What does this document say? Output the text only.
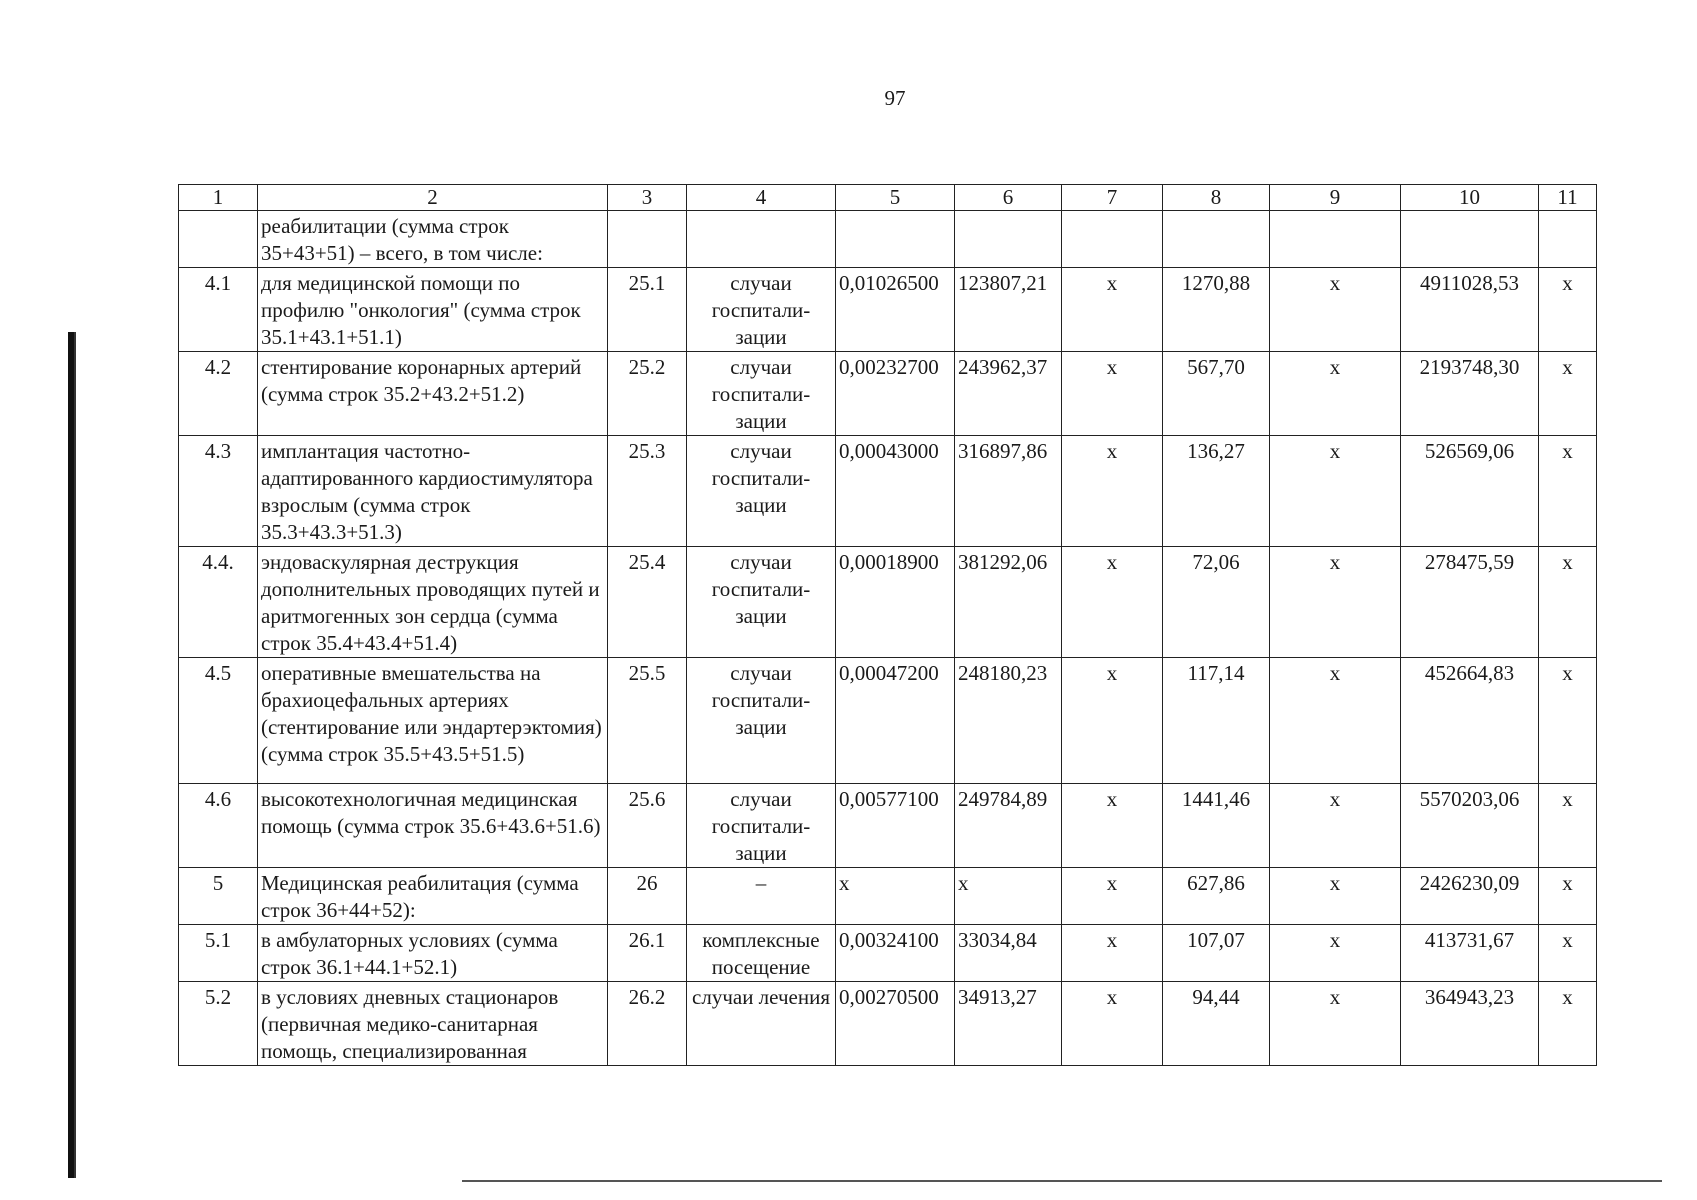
97
1	2	3	4	5	6	7	8	9	10	11
	реабилитации (сумма строк 35+43+51) – всего, в том числе:									
4.1	для медицинской помощи по профилю "онкология" (сумма строк 35.1+43.1+51.1)	25.1	случаи госпитали-зации	0,01026500	123807,21	x	1270,88	x	4911028,53	x
4.2	стентирование коронарных артерий (сумма строк 35.2+43.2+51.2)	25.2	случаи госпитали-зации	0,00232700	243962,37	x	567,70	x	2193748,30	x
4.3	имплантация частотно-адаптированного кардиостимулятора взрослым (сумма строк 35.3+43.3+51.3)	25.3	случаи госпитали-зации	0,00043000	316897,86	x	136,27	x	526569,06	x
4.4.	эндоваскулярная деструкция дополнительных проводящих путей и аритмогенных зон сердца (сумма строк 35.4+43.4+51.4)	25.4	случаи госпитали-зации	0,00018900	381292,06	x	72,06	x	278475,59	x
4.5	оперативные вмешательства на брахиоцефальных артериях (стентирование или эндартерэктомия) (сумма строк 35.5+43.5+51.5)	25.5	случаи госпитали-зации	0,00047200	248180,23	x	117,14	x	452664,83	x
4.6	высокотехнологичная медицинская помощь (сумма строк 35.6+43.6+51.6)	25.6	случаи госпитали-зации	0,00577100	249784,89	x	1441,46	x	5570203,06	x
5	Медицинская реабилитация (сумма строк 36+44+52):	26	–	x	x	x	627,86	x	2426230,09	x
5.1	в амбулаторных условиях (сумма строк 36.1+44.1+52.1)	26.1	комплексные посещение	0,00324100	33034,84	x	107,07	x	413731,67	x
5.2	в условиях дневных стационаров (первичная медико-санитарная помощь, специализированная	26.2	случаи лечения	0,00270500	34913,27	x	94,44	x	364943,23	x
